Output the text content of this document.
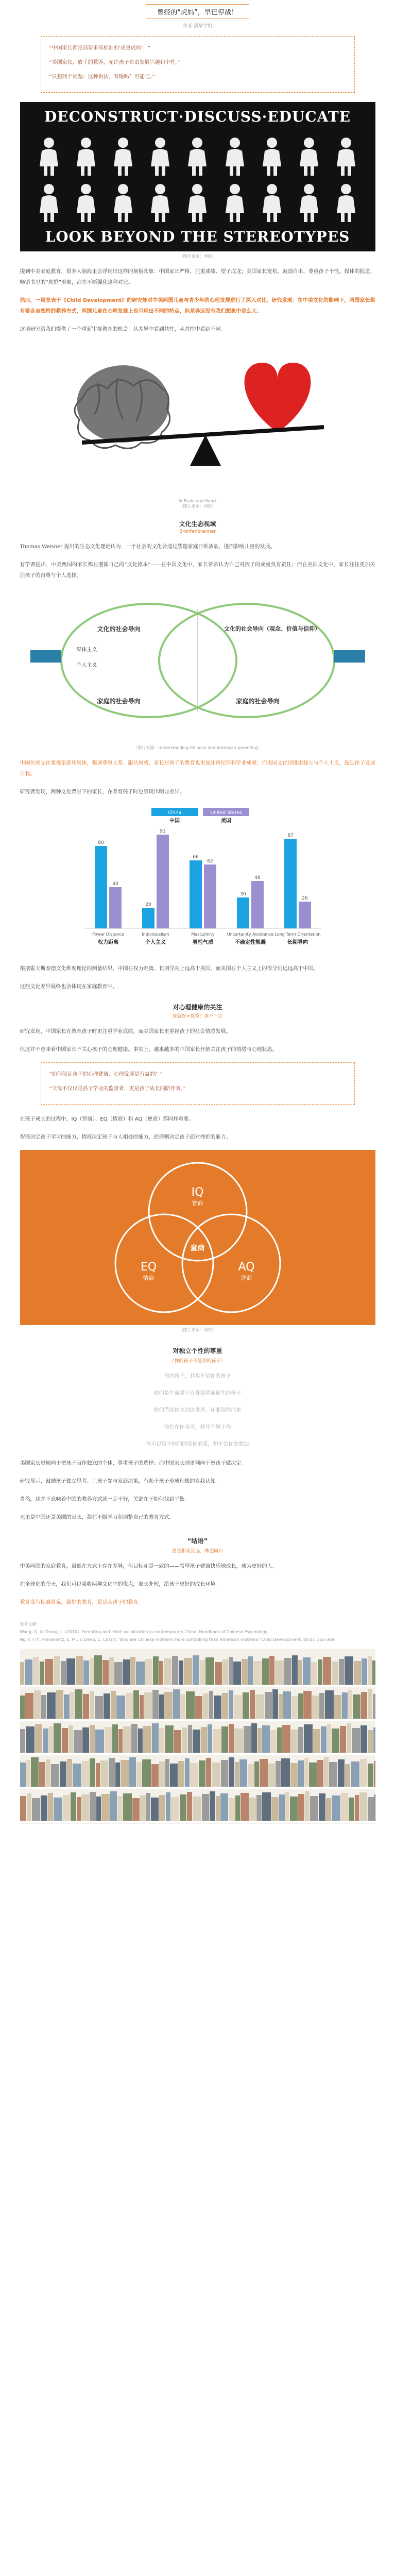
曾经的“虎妈”，早已停战！
作者 清华学姐

“中国家长都是高要求高标准的‘虎爸虎妈’！”

“美国家长，放手的教养，允许孩子自由发展兴趣和个性。”

“只想问个问题：这种看法，有错吗？可能吧。”

DECONSTRUCT·DISCUSS·EDUCATE
LOOK BEYOND THE STEREOTYPES
（图片来源：网络）
提到中美家庭教育，很多人脑海里会浮现出这样的刻板印象：中国家长严格、注重成绩、望子成龙；美国家长宽松、鼓励自由、尊重孩子个性。媒体的报道、畅销书里的“虎妈”形象，都在不断强化这种对比。
然而，一篇发表于《Child Development》的研究却对中美两国儿童与青少年的心理发展进行了深入对比，研究发现：在中美文化的影响下，两国家长都有着各自独特的教养方式，两国儿童在心理发展上也呈现出不同的特点，但差异远没有我们想象中那么大。
这项研究给我们提供了一个重新审视教育的机会：从差异中看到共性，从共性中看到不同。
Id Brain and Heart
（图片来源：网络）
文化生态视域
Bronfenbrenner
Thomas Weisner 提出的生态文化理论认为，一个社会的文化会通过塑造家庭日常活动，进而影响儿童的发展。
有学者提出，中美两国的家长都在遵循自己的“文化剧本”——在中国文化中，家长常常认为自己对孩子的成就负有责任；而在美国文化中，家长往往更加关注孩子的自尊与个人选择。
文化的社会导向
集体主义
个人主义
文化的社会导向（观念、价值与信仰）
家庭的社会导向	家庭的社会导向
（图片来源：Understanding Chinese and American parenting）
中国传统文化重视家庭和集体，强调尊重长辈、服从权威，家长对孩子的教育也更加注重纪律和学业成就；而美国文化则推崇独立与个人主义，鼓励孩子发展自我。
研究者发现，两种文化背景下的家长，在养育孩子时也呈现出明显差异。
China
中国
United States
美国
80
40
Power Distance
权力距离
20
91
Individualism
个人主义
66
62
Masculinity
男性气质
30
46
Uncertainty Avoidance
不确定性规避
87
26
Long Term Orientation
长期导向
根据霍夫斯泰德文化维度理论的测量结果，中国在权力距离、长期导向上远高于美国，而美国在个人主义上的得分则远远高于中国。
这些文化差异最终也会体现在家庭教育中。
对心理健康的关注
成就好=优秀？真不一定
研究发现，中国家长在教育孩子时更注重学业成绩，而美国家长更重视孩子的社会情感发展。
但这并不意味着中国家长不关心孩子的心理健康。事实上，越来越多的中国家长开始关注孩子的情绪与心理状态。

“如何保证孩子的心理健康、心理发展是有益的？”

“父母不仅仅是孩子学业的监督者，更是孩子成长的陪伴者。”

在孩子成长的过程中，IQ（智商）、EQ（情商）和 AQ（逆商）都同样重要。
智商决定孩子学习的能力，情商决定孩子与人相处的能力，逆商则决定孩子面对挫折的能力。
IQ
智商
EQ
情商
AQ
逆商
童商
（图片来源：网络）
对独立个性的尊重
（你的孩子不是你的孩子）
你的孩子，其实不是你的孩子
他们是生命对于自身渴望而诞生的孩子
他们借助你来到这世界，却非因你而来
他们在你身旁，却并不属于你
你可以给予他们的是你的爱，却不是你的想法
美国家长更倾向于把孩子当作独立的个体，尊重孩子的选择；而中国家长则更倾向于替孩子做决定。
研究显示，鼓励孩子独立思考、让孩子参与家庭决策，有助于孩子形成积极的自我认知。
当然，这并不意味着中国的教养方式就一定不好，关键在于如何找到平衡。
无论是中国还是美国的家长，都在不断学习和调整自己的教育方式。
“结语”
总是相差甚远，殊途同归
中美两国的家庭教育，虽然在方式上存在差异，但目标却是一致的——希望孩子健康快乐地成长，成为更好的人。
在全球化的今天，我们可以吸收两种文化中的优点，取长补短，给孩子更好的成长环境。
教育没有标准答案，最好的教育，是适合孩子的教育。
参考文献：
Wang, Q. & Chang, L. (2010). Parenting and child socialization in contemporary China. Handbook of Chinese Psychology.
Ng, F. F.-Y., Pomerantz, E. M., & Deng, C. (2014). Why are Chinese mothers more controlling than American mothers? Child Development, 85(1), 355-369.
